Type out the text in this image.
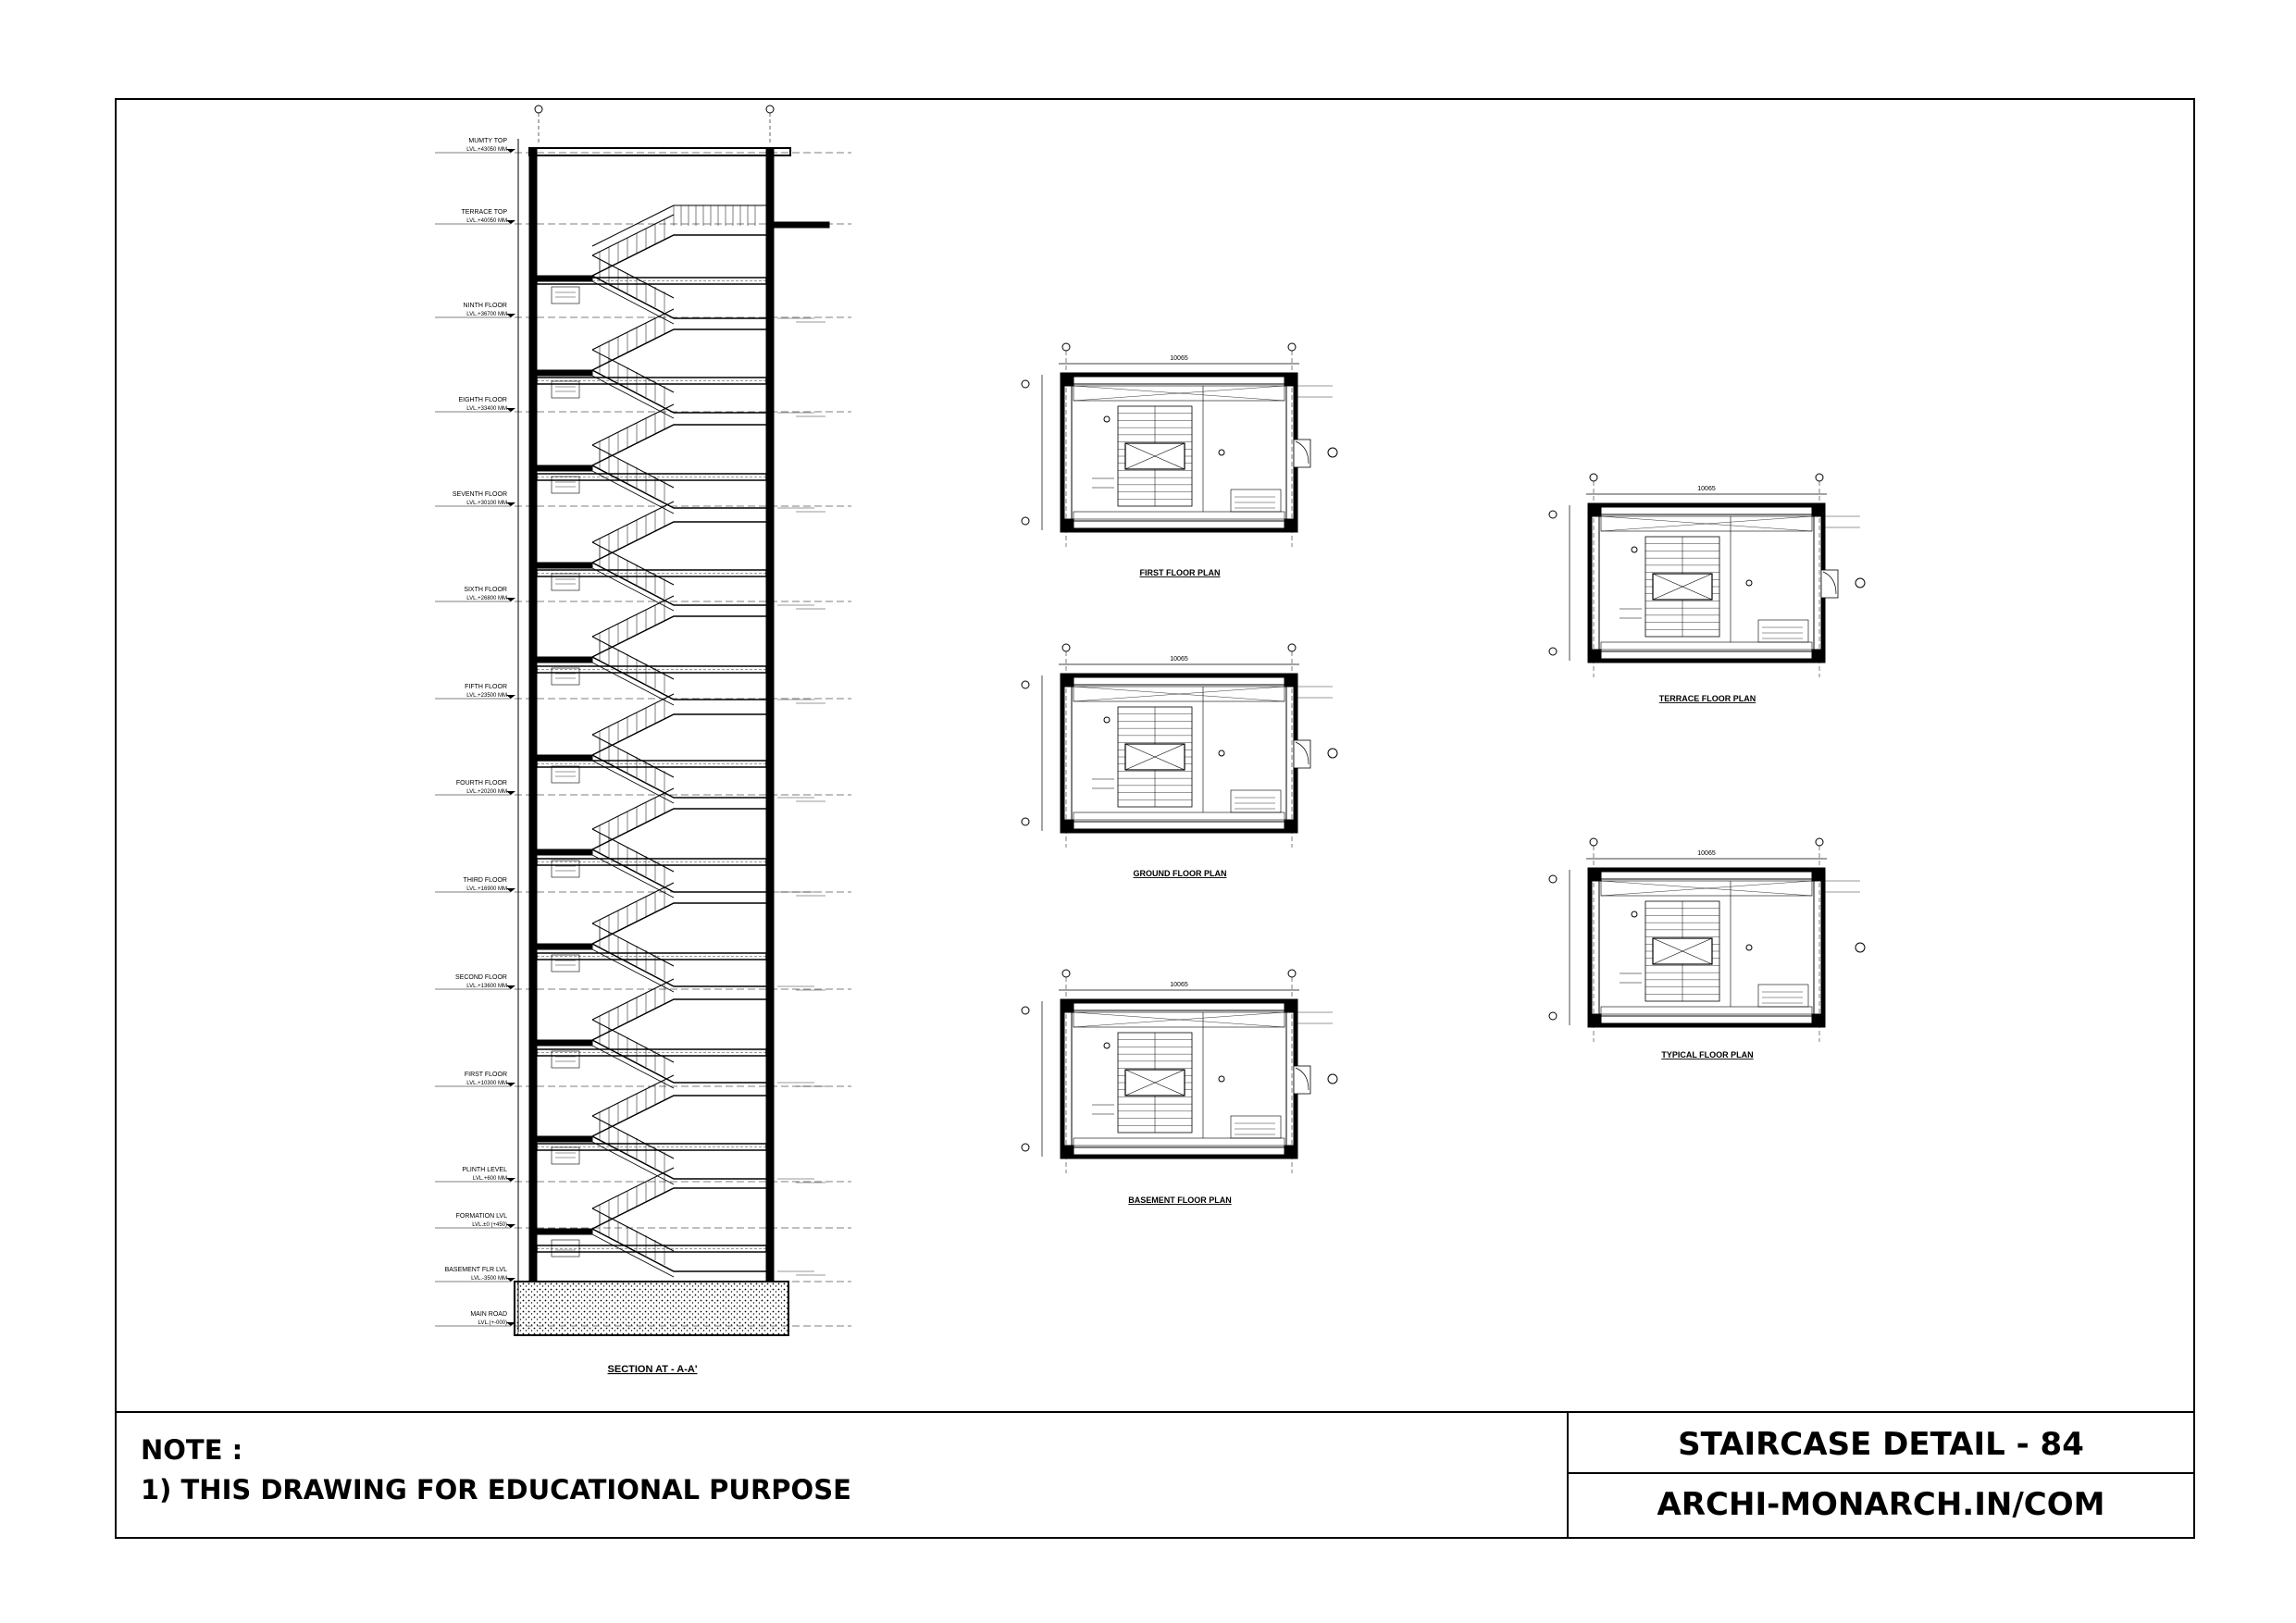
MUMTY TOP
LVL.+43050 MM
TERRACE TOP
LVL.+40050 MM
NINTH FLOOR
LVL.+36700 MM
EIGHTH FLOOR
LVL.+33400 MM
SEVENTH FLOOR
LVL.+30100 MM
SIXTH FLOOR
LVL.+26800 MM
FIFTH FLOOR
LVL.+23500 MM
FOURTH FLOOR
LVL.+20200 MM
THIRD FLOOR
LVL.+16900 MM
SECOND FLOOR
LVL.+13600 MM
FIRST FLOOR
LVL.+10300 MM
PLINTH LEVEL
LVL.+600 MM
FORMATION LVL
LVL.±0 (+450)
BASEMENT FLR LVL
LVL.-3500 MM
MAIN ROAD
LVL.(+-000)
SECTION AT - A-A'
10065
FIRST FLOOR PLAN
10065
GROUND FLOOR PLAN
10065
BASEMENT FLOOR PLAN
10065
TERRACE FLOOR PLAN
10065
TYPICAL FLOOR PLAN
NOTE :
1) THIS DRAWING FOR EDUCATIONAL PURPOSE
STAIRCASE DETAIL - 84
ARCHI-MONARCH.IN/COM
